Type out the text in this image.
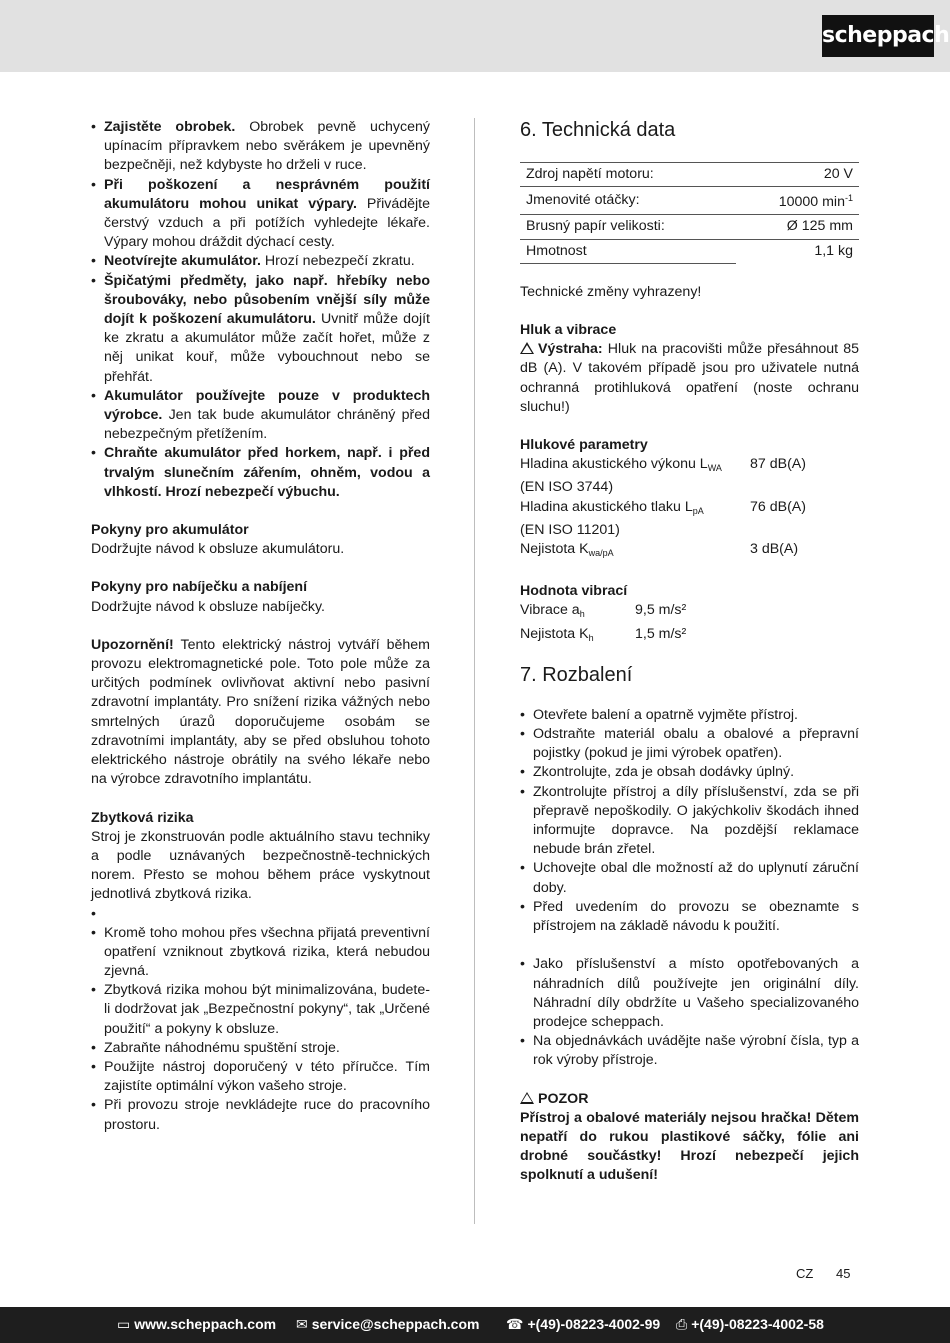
scheppach
• Zajistěte obrobek. Obrobek pevně uchycený upínacím přípravkem nebo svěrákem je upevněný bezpečněji, než kdybyste ho drželi v ruce.
• Při poškození a nesprávném použití akumulátoru mohou unikat výpary. Přivádějte čerstvý vzduch a při potížích vyhledejte lékaře. Výpary mohou dráždit dýchací cesty.
• Neotvírejte akumulátor. Hrozí nebezpečí zkratu.
• Špičatými předměty, jako např. hřebíky nebo šroubováky, nebo působením vnější síly může dojít k poškození akumulátoru. Uvnitř může dojít ke zkratu a akumulátor může začít hořet, může z něj unikat kouř, může vybouchnout nebo se přehřát.
• Akumulátor používejte pouze v produktech výrobce. Jen tak bude akumulátor chráněný před nebezpečným přetížením.
• Chraňte akumulátor před horkem, např. i před trvalým slunečním zářením, ohněm, vodou a vlhkostí. Hrozí nebezpečí výbuchu.

Pokyny pro akumulátor

Dodržujte návod k obsluze akumulátoru.

Pokyny pro nabíječku a nabíjení

Dodržujte návod k obsluze nabíječky.

Upozornění! Tento elektrický nástroj vytváří během provozu elektromagnetické pole. Toto pole může za určitých podmínek ovlivňovat aktivní nebo pasivní zdravotní implantáty. Pro snížení rizika vážných nebo smrtelných úrazů doporučujeme osobám se zdravotními implantáty, aby se před obsluhou tohoto elektrického nástroje obrátily na svého lékaře nebo na výrobce zdravotního implantátu.

Zbytková rizika

Stroj je zkonstruován podle aktuálního stavu techniky a podle uznávaných bezpečnostně-technických norem. Přesto se mohou během práce vyskytnout jednotlivá zbytková rizika.

•
• Kromě toho mohou přes všechna přijatá preventivní opatření vzniknout zbytková rizika, která nebudou zjevná.
• Zbytková rizika mohou být minimalizována, budete-li dodržovat jak „Bezpečnostní pokyny“, tak „Určené použití“ a pokyny k obsluze.
• Zabraňte náhodnému spuštění stroje.
• Použijte nástroj doporučený v této příručce. Tím zajistíte optimální výkon vašeho stroje.
• Při provozu stroje nevkládejte ruce do pracovního prostoru.

6. Technická data

Zdroj napětí motoru:	20 V
Jmenovité otáčky:	10000 $\min^{-1}$
Brusný papír velikosti:	Ø 125 mm
Hmotnost	1,1 kg

Technické změny vyhrazeny!

Hluk a vibrace

Výstraha: Hluk na pracovišti může přesáhnout 85 dB (A). V takovém případě jsou pro uživatele nutná ochranná protihluková opatření (noste ochranu sluchu!)

Hlukové parametry

Hladina akustického výkonu $L_{WA}$	87 dB(A)

(EN ISO 3744)

Hladina akustického tlaku $L_{pA}$	76 dB(A)

(EN ISO 11201)

Nejistota $K_{wa/pA}$	3 dB(A)

Hodnota vibrací

Vibrace $a_h$	9,5 m/s²
Nejistota $K_h$	1,5 m/s²

7. Rozbalení

• Otevřete balení a opatrně vyjměte přístroj.
• Odstraňte materiál obalu a obalové a přepravní pojistky (pokud je jimi výrobek opatřen).
• Zkontrolujte, zda je obsah dodávky úplný.
• Zkontrolujte přístroj a díly příslušenství, zda se při přepravě nepoškodily. O jakýchkoliv škodách ihned informujte dopravce. Na pozdější reklamace nebude brán zřetel.
• Uchovejte obal dle možností až do uplynutí záruční doby.
• Před uvedením do provozu se obeznamte s přístrojem na základě návodu k použití.
• Jako příslušenství a místo opotřebovaných a náhradních dílů používejte jen originální díly. Náhradní díly obdržíte u Vašeho specializovaného prodejce scheppach.
• Na objednávkách uvádějte naše výrobní čísla, typ a rok výroby přístroje.

POZOR

Přístroj a obalové materiály nejsou hračka! Dětem nepatří do rukou plastikové sáčky, fólie ani drobné součástky! Hrozí nebezpečí jejich spolknutí a udušení!

CZ 45
▭ www.scheppach.com ✉ service@scheppach.com ☎ +(49)-08223-4002-99 ⎙ +(49)-08223-4002-58
